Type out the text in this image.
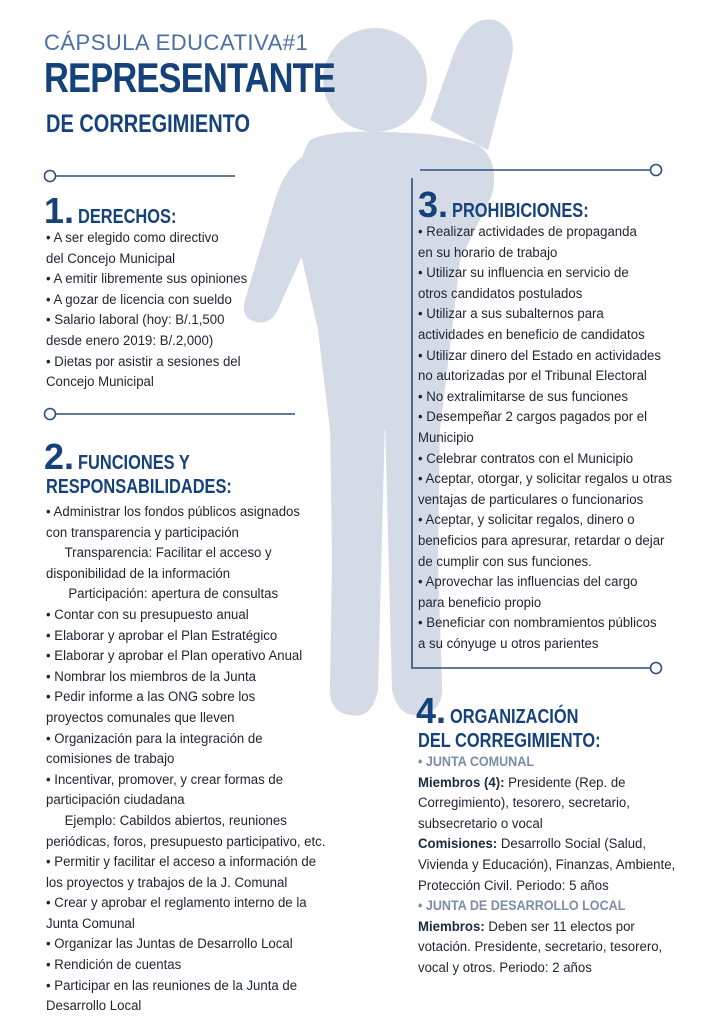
CÁPSULA EDUCATIVA#1
REPRESENTANTE
DE CORREGIMIENTO
1. DERECHOS:
• A ser elegido como directivo
del Concejo Municipal
• A emitir libremente sus opiniones
• A gozar de licencia con sueldo
• Salario laboral (hoy: B/.1,500
desde enero 2019: B/.2,000)
• Dietas por asistir a sesiones del
Concejo Municipal
2. FUNCIONES Y
RESPONSABILIDADES:
• Administrar los fondos públicos asignados
con transparencia y participación
Transparencia: Facilitar el acceso y
disponibilidad de la información
Participación: apertura de consultas
• Contar con su presupuesto anual
• Elaborar y aprobar el Plan Estratégico
• Elaborar y aprobar el Plan operativo Anual
• Nombrar los miembros de la Junta
• Pedir informe a las ONG sobre los
proyectos comunales que lleven
• Organización para la integración de
comisiones de trabajo
• Incentivar, promover, y crear formas de
participación ciudadana
Ejemplo: Cabildos abiertos, reuniones
periódicas, foros, presupuesto participativo, etc.
• Permitir y facilitar el acceso a información de
los proyectos y trabajos de la J. Comunal
• Crear y aprobar el reglamento interno de la
Junta Comunal
• Organizar las Juntas de Desarrollo Local
• Rendición de cuentas
• Participar en las reuniones de la Junta de
Desarrollo Local
3. PROHIBICIONES:
• Realizar actividades de propaganda
en su horario de trabajo
• Utilizar su influencia en servicio de
otros candidatos postulados
• Utilizar a sus subalternos para
actividades en beneficio de candidatos
• Utilizar dinero del Estado en actividades
no autorizadas por el Tribunal Electoral
• No extralimitarse de sus funciones
• Desempeñar 2 cargos pagados por el
Municipio
• Celebrar contratos con el Municipio
• Aceptar, otorgar, y solicitar regalos u otras
ventajas de particulares o funcionarios
• Aceptar, y solicitar regalos, dinero o
beneficios para apresurar, retardar o dejar
de cumplir con sus funciones.
• Aprovechar las influencias del cargo
para beneficio propio
• Beneficiar con nombramientos públicos
a su cónyuge u otros parientes
4. ORGANIZACIÓN
DEL CORREGIMIENTO:
• JUNTA COMUNAL
Miembros (4): Presidente (Rep. de
Corregimiento), tesorero, secretario,
subsecretario o vocal
Comisiones: Desarrollo Social (Salud,
Vivienda y Educación), Finanzas, Ambiente,
Protección Civil. Periodo: 5 años
• JUNTA DE DESARROLLO LOCAL
Miembros: Deben ser 11 electos por
votación. Presidente, secretario, tesorero,
vocal y otros. Periodo: 2 años
